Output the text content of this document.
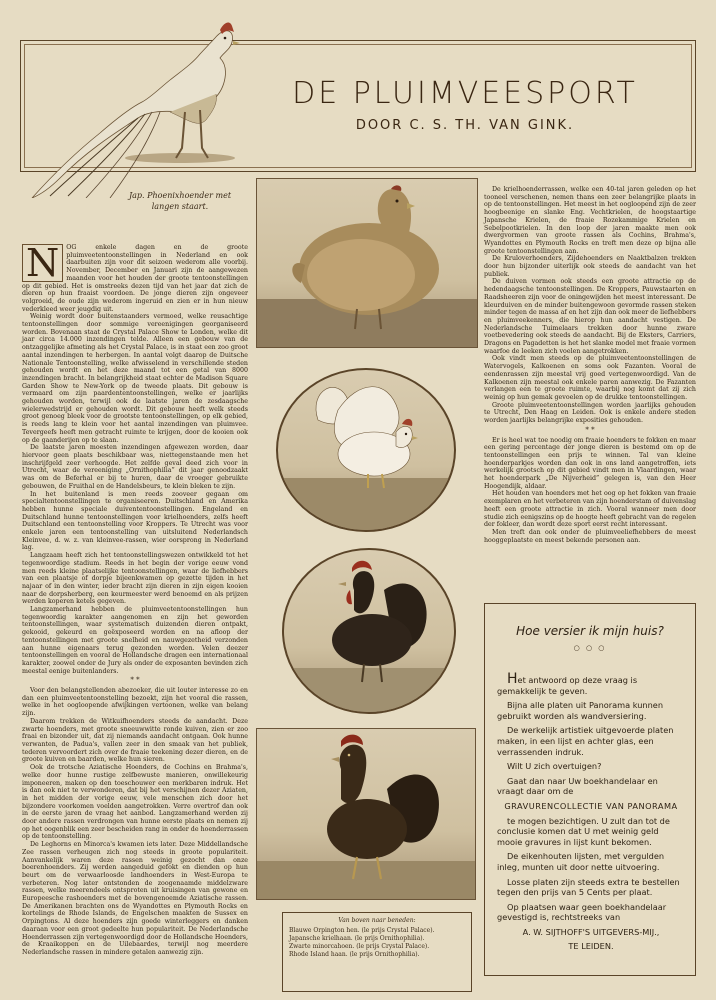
DE PLUIMVEESPORT
DOOR C. S. TH. VAN GINK.
Jap. Phoenixhoender met langen staart.
N	OG enkele dagen en de groote pluimveetentoonstellingen in Nederland en ook daarbuiten zijn voor dit seizoen wederom alle voorbij. November, December en Januari zijn de aangewezen maanden voor het houden der groote tentoonstellingen op dit gebied. Het is omstreeks dezen tijd van het jaar dat zich de dieren op hun fraaist voordoen. De jonge dieren zijn ongeveer volgroeid, de oude zijn wederom ingeruid en zien er in hun nieuw vederkleed weer jeugdig uit.

Weinig wordt door buitenstaanders vermoed, welke reusachtige tentoonstellingen door sommige vereenigingen georganiseerd worden. Bovenaan staat de Crystal Palace Show te Londen, welke dit jaar circa 14.000 inzendingen telde. Alleen een gebouw van de ontzaggelijke afmeting als het Crystal Palace, is in staat een zoo groot aantal inzendingen te herbergen. In aantal volgt daarop de Duitsche Nationale Tentoonstelling, welke afwisselend in verschillende steden gehouden wordt en het deze maand tot een getal van 8000 inzendingen bracht. In belangrijkheid staat echter de Madison Square Garden Show te New-York op de tweede plaats. Dit gebouw is vermaard om zijn paardententoonstellingen, welke er jaarlijks gehouden worden, terwijl ook de laatste jaren de zesdaagsche wielerwedstrijd er gehouden wordt. Dit gebouw heeft welk steeds groot genoeg bleek voor de grootste tentoonstellingen, op elk gebied, is reeds lang te klein voor het aantal inzendingen van pluimvee. Tevergeefs heeft men getracht ruimte te krijgen, door de kooien ook op de gaanderijen op te slaan.

De laatste jaren moesten inzendingen afgewezen worden, daar hiervoor geen plaats beschikbaar was, niettegenstaande men het inschrijfgeld zeer verhoogde. Het zelfde geval deed zich voor in Utrecht, waar de vereeniging „Ornithophilia” dit jaar genoodzaakt was om de Beferhal er bij te huren, daar de vroeger gebruikte gebouwen, de Fruithal en de Handelsbeurs, te klein bleken te zijn.

In het buitenland is men reeds zooveer gegaan om specialtentoonstellingen te organiseeren. Duitschland en Amerika hebben hunne speciale duivententoonstellingen. Engeland en Duitschland hunne tentoonstellingen voor krielhoenders, zelfs heeft Duitschland een tentoonstelling voor Kroppers. Te Utrecht was voor enkele jaren een tentoonstelling van uitsluitend Nederlandsch Kleinvee, d. w. z. van kleinvee-rassen, wier oorsprong in Nederland lag.

Langzaam heeft zich het tentoonstellingswezen ontwikkeld tot het tegenwoordige stadium. Reeds in het begin der vorige eeuw vond men reeds kleine plaatselijke tentoonstellingen, waar de liefhebbers van een plaatsje of dorpje bijeenkwamen op gezette tijden in het najaar of in den winter, ieder bracht zijn dieren in zijn eigen kooien naar de dorpsherberg, een keurmeester werd benoemd en als prijzen werden koperen ketels gegeven.

Langzamerhand hebben de pluimveetentoonstellingen hun tegenwoordig karakter aangenomen en zijn het geworden tentoonstellingen, waar systematisch duizenden dieren ontpakt, gekooid, gekeurd en geëxposeerd worden en na afloop der tentoonstellingen met groote snelheid en nauwgezetheid verzonden aan hunne eigenaars terug gezonden worden. Velen deezer tentoonstellingen en vooral de Hollandsche dragen een internationaal karakter, zoowel onder de Jury als onder de exposanten bevinden zich meestal eenige buitenlanders.

* *

Voor den belangstellenden abezoeker, die uit louter interesse zo en dan een pluimveetentoonstelling bezoekt, zijn het vooral die rassen, welke in het oogloopende afwijkingen vertoonen, welke van belang zijn.

Daarom trekken de Witkuifhoenders steeds de aandacht. Deze zwarte hoenders, met groote sneeuwwitte ronde kuiven, zien er zoo fraai en bizonder uit, dat zij niemands aandacht ontgaan. Ook hunne verwanten, de Padua's, vallen zeer in den smaak van het publiek, tederen vervoordert zich over de fraaie teekening dezer dieren, en de groote kuiven en baarden, welke hun sieren.

Ook de trotsche Aziatische Hoenders, de Cochins en Brahma's, welke door hunne rustige zelfbewuste manieren, onwillekeurig imponeeren, maken op den toeschouwer een merkbaren indruk. Het is dan ook niet te verwonderen, dat bij het verschijnen dezer Aziaten, in het midden der vorige eeuw, vele menschen zich door het bijzondere voorkomen voelden aangetrokken. Verre overtrof dan ook in de eerste jaren de vraag het aanbod. Langzamerhand werden zij door andere rassen verdrongen van hunne eerste plaats en nemen zij op het oogenblik een zeer bescheiden rang in onder de hoenderrassen op de tentoonstelling.

De Leghorns en Minorca's kwamen iets later. Deze Middellandsche Zee rassen verheugen zich nog steeds in groote populariteit. Aanvankelijk waren deze rassen weinig gezocht dan onze boerenhoenders. Zij werden aangeduid gefokt en dienden op hun beurt om de verwaarloosde landhoenders in West-Europa te verbeteren. Nog later ontstonden de zoogenaamde middelzware rassen, welke meerendeels ontsproten uit kruisingen van gewone en Europeesche rashoenders met de bovengenoemde Aziatische rassen. De Amerikanen brachten ons de Wyandottes en Plymouth Rocks en kortelings de Rhode Islands, de Engelschen maakten de Sussex en Orpingtons. Al deze hoenders zijn goede winterleggers en danken daaraan voor een groot gedeelte hun populariteit. De Nederlandsche Hoenderrassen zijn vertegenwoordigd door de Hollandsche Hoenders, de Kraaikoppen en de Uilebaardes, terwijl nog meerdere Nederlandsche rassen in mindere getalen aanwezig zijn.

Van boven naar beneden:
Blauwe Orpington hen. (le prijs Crystal Palace).
Japansche krielhaan. (le prijs Ornithophilia).
Zwarte minorcahoen. (le prijs Crystal Palace).
Rhode Island haan. (le prijs Ornithophilia).

De krielhoenderrassen, welke een 40-tal jaren geleden op het tooneel verschenen, nemen thans een zeer belangrijke plaats in op de tentoonstellingen. Het meest in het oogloopend zijn de zeer hoogbeenige en slanke Eng. Vechtkrielen, de hoogstaartige Japansche Krielen, de fraaie Rozekammige Krielen en Sebelpootkrielen. In den loop der jaren maakte men ook dwergvormen van groote rassen als Cochins, Brahma's, Wyandottes en Plymouth Rocks en treft men deze op bijna alle groote tentoonstellingen aan.

De Kruloverhoenders, Zijdehoenders en Naaktbalzen trekken door hun bijzonder uiterlijk ook steeds de aandacht van het publiek.

De duiven vormen ook steeds een groote attractie op de hedendaagsche tentoonstellingen. De Kroppers, Pauwstaarten en Raadsheeren zijn voor de oningewijden het meest interessant. De kleurduiven en de minder buitengewoon gevormde rassen steken minder tegen de massa af en het zijn dan ook meer de liefhebbers en pluimveekenners, die hierop hun aandacht vestigen. De Nederlandsche Tuimelaars trekken door hunne zware voetbevedering ook steeds de aandacht. Bij de Eksters, Carriers, Dragons en Pagadetten is het het slanke model met fraaie vormen waarfoe de leeken zich voelen aangetrokken.

Ook vindt men steeds op de pluimveetentoonstellingen de Watervogels, Kalkoenen en soms ook Fazanten. Vooral de eendenrassen zijn meestal vrij goed vertegenwoordigd. Van de Kalkoenen zijn meestal ook enkele paren aanwezig. De Fazanten verlangen een te groote ruimte, waarbij nog komt dat zij zich weinig op hun gemak gevoelen op de drukke tentoonstellingen.

Groote pluimveetentoonstellingen worden jaarlijks gehouden te Utrecht, Den Haag en Leiden. Ook is enkele andere steden worden jaarlijks belangrijke exposities gehouden.

* *

Er is heel wat toe noodig om fraaie hoenders te fokken en maar een gering percentage der jonge dieren is bestemd om op de tentoonstellingen een prijs te winnen. Tal van kleine hoenderparkjes worden dan ook in ons land aangetroffen, iets werkelijk grootsch op dit gebied vindt men in Vlaardingen, waar het hoenderpark „De Nijverheid” gelegen is, van den Heer Hoogendijk, aldaar.

Het houden van hoenders met het oog op het fokken van fraaie exemplaren en het verbeteren van zijn hoenderstam of duivenslag heeft een groote attractie in zich. Vooral wanneer men door studie zich eenigszins op de hoogte heeft gebracht van de regelen der fokleer, dan wordt deze sport eerst recht interessant.

Men treft dan ook onder de pluimveeliefhebbers de meest hooggeplaatste en meest bekende personen aan.

Hoe versier ik mijn huis?
○ ○ ○

Het antwoord op deze vraag is gemakkelijk te geven.

Bijna alle platen uit Panorama kunnen gebruikt worden als wandversiering.

De werkelijk artistiek uitgevoerde platen maken, in een lijst en achter glas, een verrassenden indruk.

Wilt U zich overtuigen?

Gaat dan naar Uw boekhandelaar en vraagt daar om de

GRAVURENCOLLECTIE VAN PANORAMA

te mogen bezichtigen. U zult dan tot de conclusie komen dat U met weinig geld mooie gravures in lijst kunt bekomen.

De eikenhouten lijsten, met vergulden inleg, munten uit door nette uitvoering.

Losse platen zijn steeds extra te bestellen tegen den prijs van 5 Cents per plaat.

Op plaatsen waar geen boekhandelaar gevestigd is, rechtstreeks van

A. W. SIJTHOFF'S UITGEVERS-MIJ.,

TE LEIDEN.
